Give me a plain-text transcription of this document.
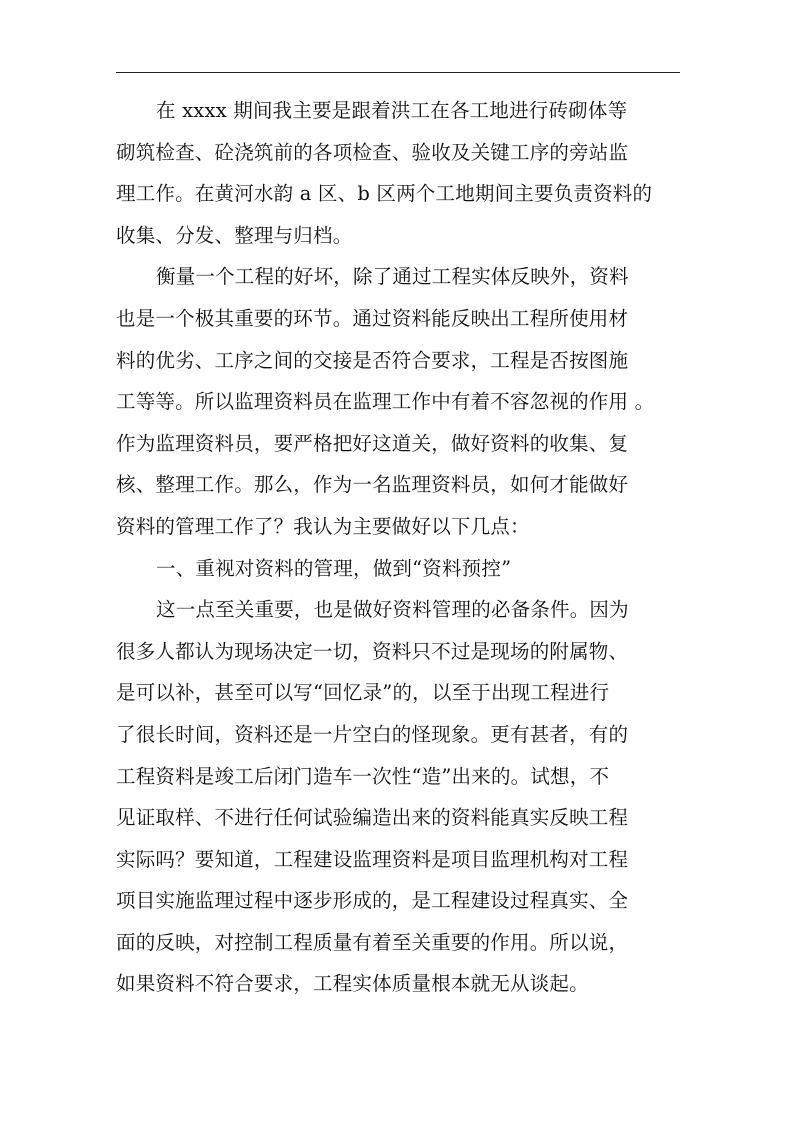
在 xxxx 期间我主要是跟着洪工在各工地进行砖砌体等
砌筑检查、砼浇筑前的各项检查、验收及关键工序的旁站监
理工作。在黄河水韵 a 区、b 区两个工地期间主要负责资料的
收集、分发、整理与归档。
衡量一个工程的好坏，除了通过工程实体反映外，资料
也是一个极其重要的环节。通过资料能反映出工程所使用材
料的优劣、工序之间的交接是否符合要求，工程是否按图施
工等等。所以监理资料员在监理工作中有着不容忽视的作用 。
作为监理资料员，要严格把好这道关，做好资料的收集、复
核、整理工作。那么，作为一名监理资料员，如何才能做好
资料的管理工作了？我认为主要做好以下几点：
一、重视对资料的管理，做到“资料预控”
这一点至关重要，也是做好资料管理的必备条件。因为
很多人都认为现场决定一切，资料只不过是现场的附属物、
是可以补，甚至可以写“回忆录”的，以至于出现工程进行
了很长时间，资料还是一片空白的怪现象。更有甚者，有的
工程资料是竣工后闭门造车一次性“造”出来的。试想，不
见证取样、不进行任何试验编造出来的资料能真实反映工程
实际吗？要知道，工程建设监理资料是项目监理机构对工程
项目实施监理过程中逐步形成的，是工程建设过程真实、全
面的反映，对控制工程质量有着至关重要的作用。所以说，
如果资料不符合要求，工程实体质量根本就无从谈起。
